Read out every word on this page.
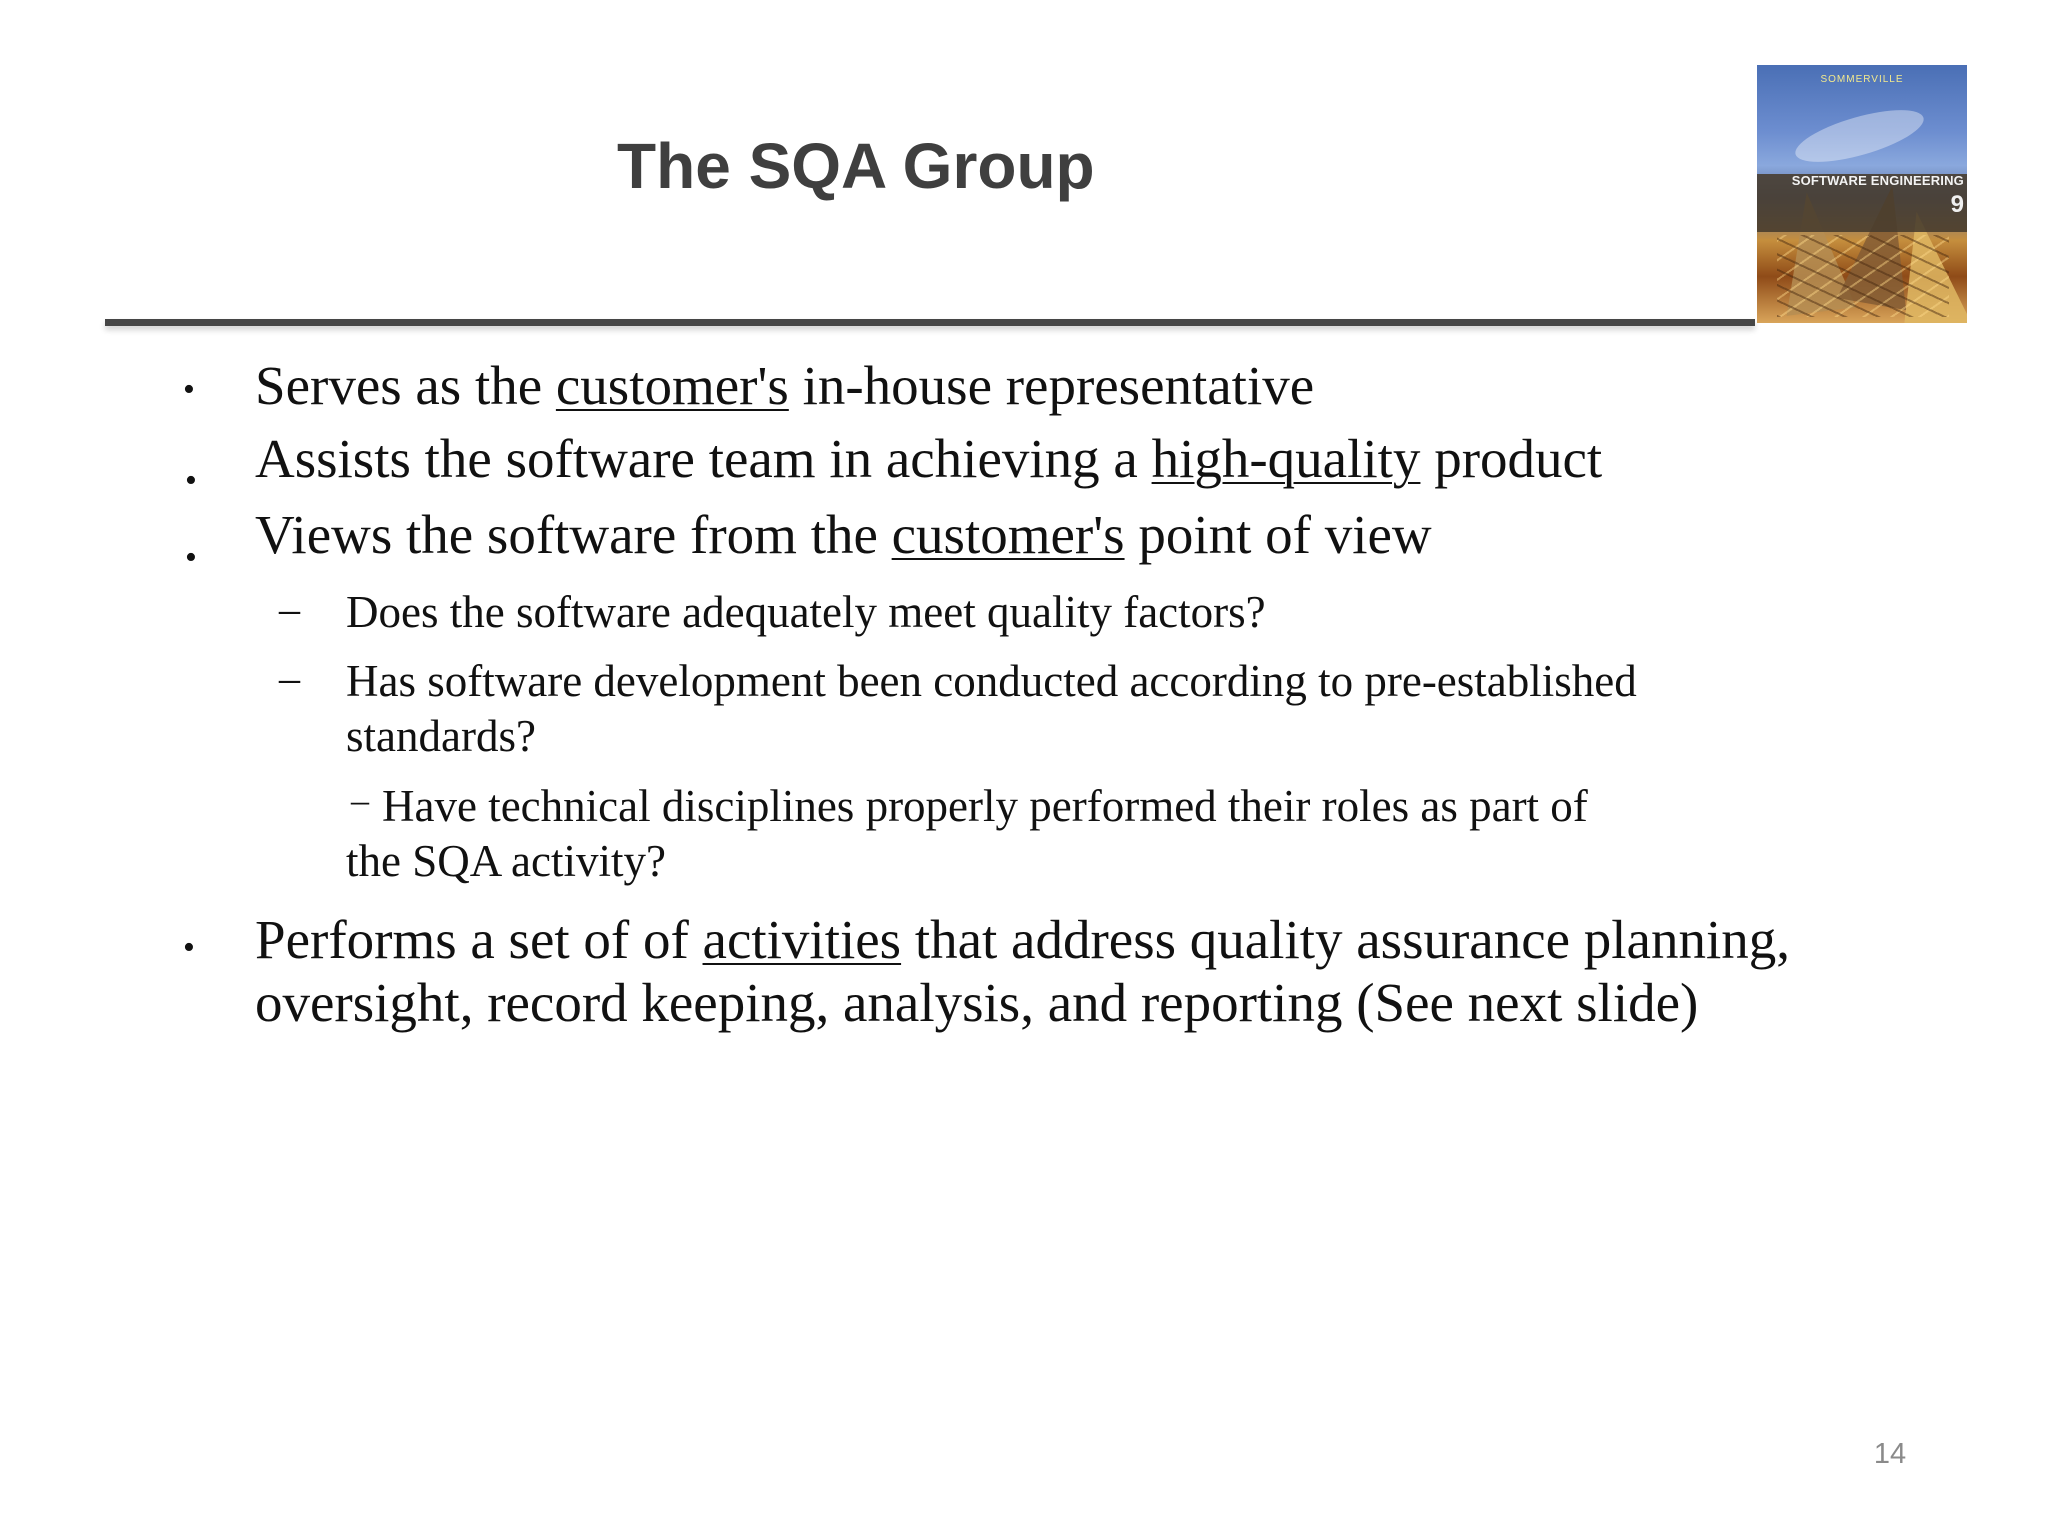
The SQA Group
SOMMERVILLE
SOFTWARE ENGINEERING
9
• Serves as the customer's in-house representative
• Assists the software team in achieving a high-quality product
• Views the software from the customer's point of view
– Does the software adequately meet quality factors?
– Has software development been conducted according to pre-established
standards?
– Have technical disciplines properly performed their roles as part of
the SQA activity?
• Performs a set of of activities that address quality assurance planning,
oversight, record keeping, analysis, and reporting (See next slide)
14
